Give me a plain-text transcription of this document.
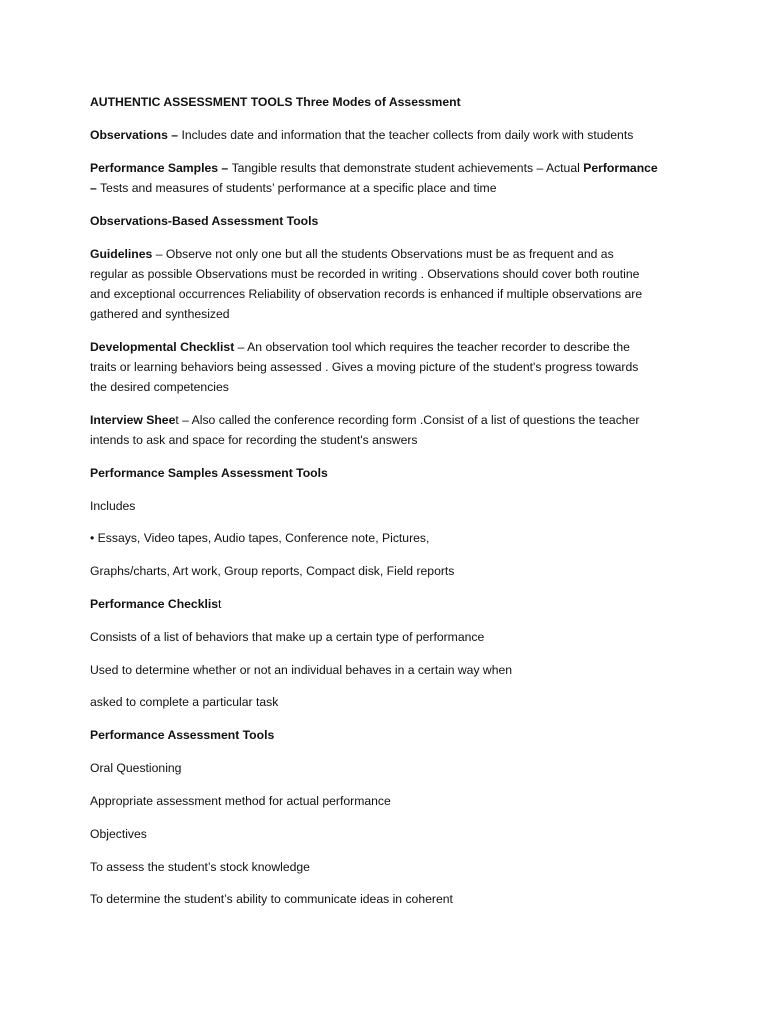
AUTHENTIC ASSESSMENT TOOLS Three Modes of Assessment
Observations – Includes date and information that the teacher collects from daily work with students
Performance Samples – Tangible results that demonstrate student achievements – Actual Performance
– Tests and measures of students’ performance at a specific place and time
Observations-Based Assessment Tools
Guidelines – Observe not only one but all the students Observations must be as frequent and as
regular as possible Observations must be recorded in writing . Observations should cover both routine
and exceptional occurrences Reliability of observation records is enhanced if multiple observations are
gathered and synthesized
Developmental Checklist – An observation tool which requires the teacher recorder to describe the
traits or learning behaviors being assessed . Gives a moving picture of the student's progress towards
the desired competencies
Interview Sheet – Also called the conference recording form .Consist of a list of questions the teacher
intends to ask and space for recording the student's answers
Performance Samples Assessment Tools
Includes
• Essays, Video tapes, Audio tapes, Conference note, Pictures,
Graphs/charts, Art work, Group reports, Compact disk, Field reports
Performance Checklist
Consists of a list of behaviors that make up a certain type of performance
Used to determine whether or not an individual behaves in a certain way when
asked to complete a particular task
Performance Assessment Tools
Oral Questioning
Appropriate assessment method for actual performance
Objectives
To assess the student’s stock knowledge
To determine the student’s ability to communicate ideas in coherent
